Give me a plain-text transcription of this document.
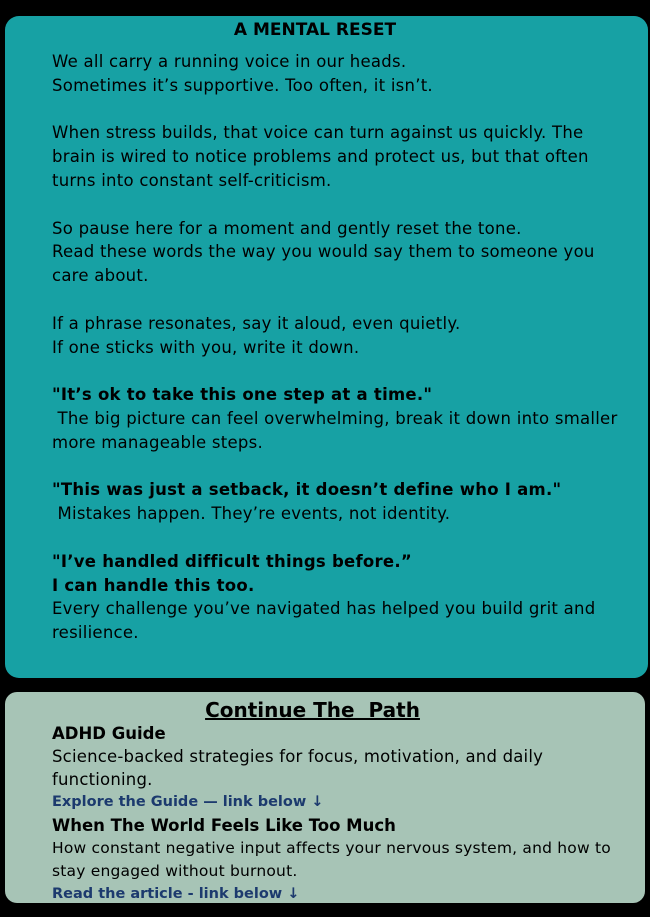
A MENTAL RESET

We all carry a running voice in our heads.
Sometimes it’s supportive. Too often, it isn’t.

When stress builds, that voice can turn against us quickly. The brain is wired to notice problems and protect us, but that often turns into constant self-criticism.

So pause here for a moment and gently reset the tone.
Read these words the way you would say them to someone you care about.

If a phrase resonates, say it aloud, even quietly.
If one sticks with you, write it down.

"It’s ok to take this one step at a time."
The big picture can feel overwhelming, break it down into smaller more manageable steps.

"This was just a setback, it doesn’t define who I am."
Mistakes happen. They’re events, not identity.

"I’ve handled difficult things before.”
I can handle this too.
Every challenge you’ve navigated has helped you build grit and resilience.

Continue The  Path

ADHD Guide

Science-backed strategies for focus, motivation, and daily functioning.

Explore the Guide — link below ↓

When The World Feels Like Too Much

How constant negative input affects your nervous system, and how to stay engaged without burnout.

Read the article - link below ↓
